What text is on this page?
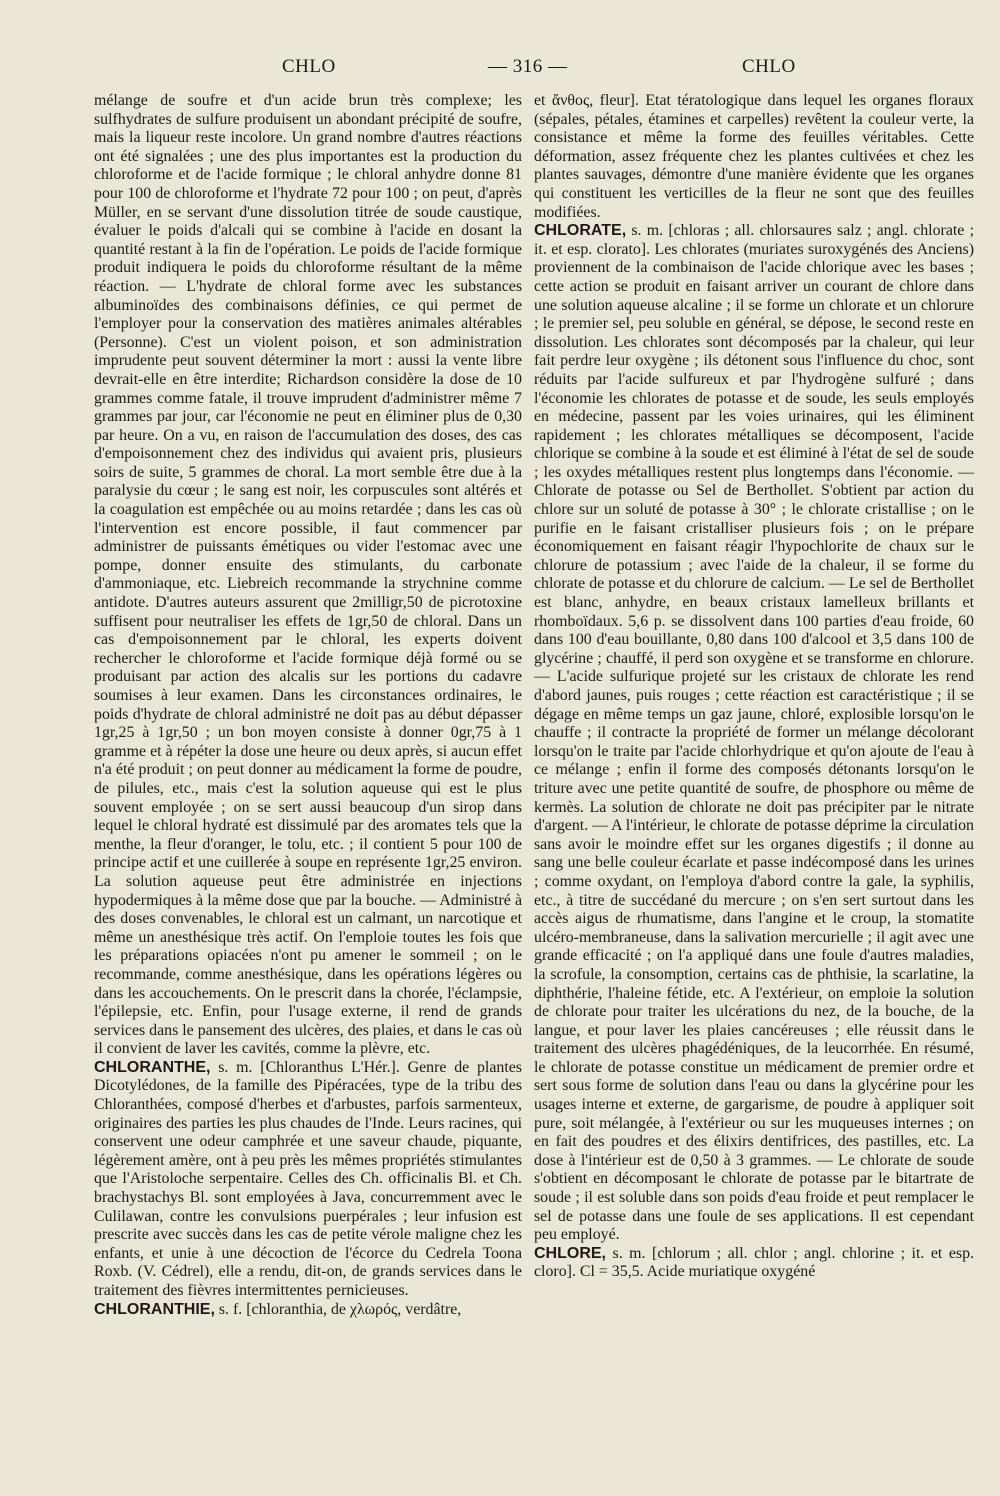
CHLO	— 316 —	CHLO

mélange de soufre et d'un acide brun très complexe; les sulfhydrates de sulfure produisent un abondant précipité de soufre, mais la liqueur reste incolore. Un grand nombre d'autres réactions ont été signalées ; une des plus importantes est la production du chloroforme et de l'acide formique ; le chloral anhydre donne 81 pour 100 de chloroforme et l'hydrate 72 pour 100 ; on peut, d'après Müller, en se servant d'une dissolution titrée de soude caustique, évaluer le poids d'alcali qui se combine à l'acide en dosant la quantité restant à la fin de l'opération. Le poids de l'acide formique produit indiquera le poids du chloroforme résultant de la même réaction. — L'hydrate de chloral forme avec les substances albuminoïdes des combinaisons définies, ce qui permet de l'employer pour la conservation des matières animales altérables (Personne). C'est un violent poison, et son administration imprudente peut souvent déterminer la mort : aussi la vente libre devrait-elle en être interdite; Richardson considère la dose de 10 grammes comme fatale, il trouve imprudent d'administrer même 7 grammes par jour, car l'économie ne peut en éliminer plus de 0,30 par heure. On a vu, en raison de l'accumulation des doses, des cas d'empoisonnement chez des individus qui avaient pris, plusieurs soirs de suite, 5 grammes de choral. La mort semble être due à la paralysie du cœur ; le sang est noir, les corpuscules sont altérés et la coagulation est empêchée ou au moins retardée ; dans les cas où l'intervention est encore possible, il faut commencer par administrer de puissants émétiques ou vider l'estomac avec une pompe, donner ensuite des stimulants, du carbonate d'ammoniaque, etc. Liebreich recommande la strychnine comme antidote. D'autres auteurs assurent que 2milligr,50 de picrotoxine suffisent pour neutraliser les effets de 1gr,50 de chloral. Dans un cas d'empoisonnement par le chloral, les experts doivent rechercher le chloroforme et l'acide formique déjà formé ou se produisant par action des alcalis sur les portions du cadavre soumises à leur examen. Dans les circonstances ordinaires, le poids d'hydrate de chloral administré ne doit pas au début dépasser 1gr,25 à 1gr,50 ; un bon moyen consiste à donner 0gr,75 à 1 gramme et à répéter la dose une heure ou deux après, si aucun effet n'a été produit ; on peut donner au médicament la forme de poudre, de pilules, etc., mais c'est la solution aqueuse qui est le plus souvent employée ; on se sert aussi beaucoup d'un sirop dans lequel le chloral hydraté est dissimulé par des aromates tels que la menthe, la fleur d'oranger, le tolu, etc. ; il contient 5 pour 100 de principe actif et une cuillerée à soupe en représente 1gr,25 environ. La solution aqueuse peut être administrée en injections hypodermiques à la même dose que par la bouche. — Administré à des doses convenables, le chloral est un calmant, un narcotique et même un anesthésique très actif. On l'emploie toutes les fois que les préparations opiacées n'ont pu amener le sommeil ; on le recommande, comme anesthésique, dans les opérations légères ou dans les accouchements. On le prescrit dans la chorée, l'éclampsie, l'épilepsie, etc. Enfin, pour l'usage externe, il rend de grands services dans le pansement des ulcères, des plaies, et dans le cas où il convient de laver les cavités, comme la plèvre, etc.

CHLORANTHE, s. m. [Chloranthus L'Hér.]. Genre de plantes Dicotylédones, de la famille des Pipéracées, type de la tribu des Chloranthées, composé d'herbes et d'arbustes, parfois sarmenteux, originaires des parties les plus chaudes de l'Inde. Leurs racines, qui conservent une odeur camphrée et une saveur chaude, piquante, légèrement amère, ont à peu près les mêmes propriétés stimulantes que l'Aristoloche serpentaire. Celles des Ch. officinalis Bl. et Ch. brachystachys Bl. sont employées à Java, concurremment avec le Culilawan, contre les convulsions puerpérales ; leur infusion est prescrite avec succès dans les cas de petite vérole maligne chez les enfants, et unie à une décoction de l'écorce du Cedrela Toona Roxb. (V. Cédrel), elle a rendu, dit-on, de grands services dans le traitement des fièvres intermittentes pernicieuses.

CHLORANTHIE, s. f. [chloranthia, de χλωρός, verdâtre,

et ἄνθος, fleur]. Etat tératologique dans lequel les organes floraux (sépales, pétales, étamines et carpelles) revêtent la couleur verte, la consistance et même la forme des feuilles véritables. Cette déformation, assez fréquente chez les plantes cultivées et chez les plantes sauvages, démontre d'une manière évidente que les organes qui constituent les verticilles de la fleur ne sont que des feuilles modifiées.

CHLORATE, s. m. [chloras ; all. chlorsaures salz ; angl. chlorate ; it. et esp. clorato]. Les chlorates (muriates suroxygénés des Anciens) proviennent de la combinaison de l'acide chlorique avec les bases ; cette action se produit en faisant arriver un courant de chlore dans une solution aqueuse alcaline ; il se forme un chlorate et un chlorure ; le premier sel, peu soluble en général, se dépose, le second reste en dissolution. Les chlorates sont décomposés par la chaleur, qui leur fait perdre leur oxygène ; ils détonent sous l'influence du choc, sont réduits par l'acide sulfureux et par l'hydrogène sulfuré ; dans l'économie les chlorates de potasse et de soude, les seuls employés en médecine, passent par les voies urinaires, qui les éliminent rapidement ; les chlorates métalliques se décomposent, l'acide chlorique se combine à la soude et est éliminé à l'état de sel de soude ; les oxydes métalliques restent plus longtemps dans l'économie. — Chlorate de potasse ou Sel de Berthollet. S'obtient par action du chlore sur un soluté de potasse à 30° ; le chlorate cristallise ; on le purifie en le faisant cristalliser plusieurs fois ; on le prépare économiquement en faisant réagir l'hypochlorite de chaux sur le chlorure de potassium ; avec l'aide de la chaleur, il se forme du chlorate de potasse et du chlorure de calcium. — Le sel de Berthollet est blanc, anhydre, en beaux cristaux lamelleux brillants et rhomboïdaux. 5,6 p. se dissolvent dans 100 parties d'eau froide, 60 dans 100 d'eau bouillante, 0,80 dans 100 d'alcool et 3,5 dans 100 de glycérine ; chauffé, il perd son oxygène et se transforme en chlorure. — L'acide sulfurique projeté sur les cristaux de chlorate les rend d'abord jaunes, puis rouges ; cette réaction est caractéristique ; il se dégage en même temps un gaz jaune, chloré, explosible lorsqu'on le chauffe ; il contracte la propriété de former un mélange décolorant lorsqu'on le traite par l'acide chlorhydrique et qu'on ajoute de l'eau à ce mélange ; enfin il forme des composés détonants lorsqu'on le triture avec une petite quantité de soufre, de phosphore ou même de kermès. La solution de chlorate ne doit pas précipiter par le nitrate d'argent. — A l'intérieur, le chlorate de potasse déprime la circulation sans avoir le moindre effet sur les organes digestifs ; il donne au sang une belle couleur écarlate et passe indécomposé dans les urines ; comme oxydant, on l'employa d'abord contre la gale, la syphilis, etc., à titre de succédané du mercure ; on s'en sert surtout dans les accès aigus de rhumatisme, dans l'angine et le croup, la stomatite ulcéro-membraneuse, dans la salivation mercurielle ; il agit avec une grande efficacité ; on l'a appliqué dans une foule d'autres maladies, la scrofule, la consomption, certains cas de phthisie, la scarlatine, la diphthérie, l'haleine fétide, etc. A l'extérieur, on emploie la solution de chlorate pour traiter les ulcérations du nez, de la bouche, de la langue, et pour laver les plaies cancéreuses ; elle réussit dans le traitement des ulcères phagédéniques, de la leucorrhée. En résumé, le chlorate de potasse constitue un médicament de premier ordre et sert sous forme de solution dans l'eau ou dans la glycérine pour les usages interne et externe, de gargarisme, de poudre à appliquer soit pure, soit mélangée, à l'extérieur ou sur les muqueuses internes ; on en fait des poudres et des élixirs dentifrices, des pastilles, etc. La dose à l'intérieur est de 0,50 à 3 grammes. — Le chlorate de soude s'obtient en décomposant le chlorate de potasse par le bitartrate de soude ; il est soluble dans son poids d'eau froide et peut remplacer le sel de potasse dans une foule de ses applications. Il est cependant peu employé.

CHLORE, s. m. [chlorum ; all. chlor ; angl. chlorine ; it. et esp. cloro]. Cl = 35,5. Acide muriatique oxygéné
